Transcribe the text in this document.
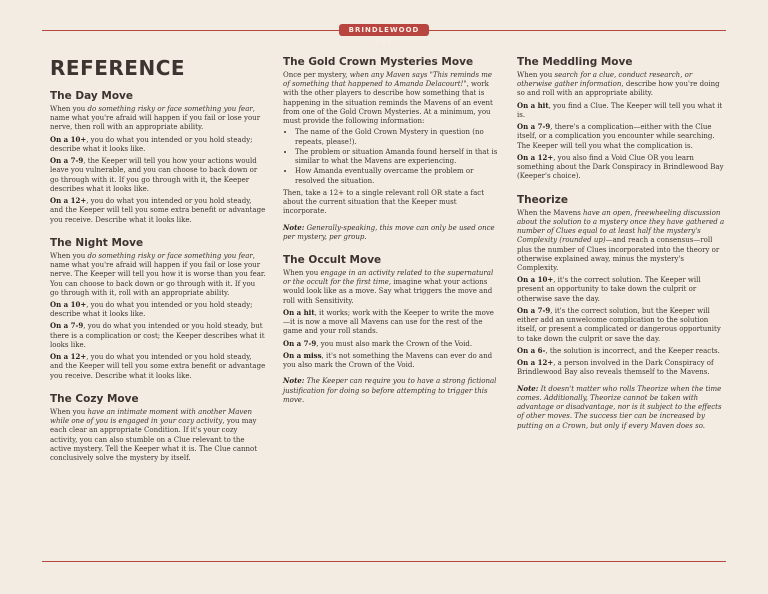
BRINDLEWOOD BAY
REFERENCE
The Day Move

When you do something risky or face something you fear, name what you're afraid will happen if you fail or lose your nerve, then roll with an appropriate ability.

On a 10+, you do what you intended or you hold steady; describe what it looks like.

On a 7-9, the Keeper will tell you how your actions would leave you vulnerable, and you can choose to back down or go through with it. If you go through with it, the Keeper describes what it looks like.

On a 12+, you do what you intended or you hold steady, and the Keeper will tell you some extra benefit or advantage you receive. Describe what it looks like.

The Night Move

When you do something risky or face something you fear, name what you're afraid will happen if you fail or lose your nerve. The Keeper will tell you how it is worse than you fear. You can choose to back down or go through with it. If you go through with it, roll with an appropriate ability.

On a 10+, you do what you intended or you hold steady; describe what it looks like.

On a 7-9, you do what you intended or you hold steady, but there is a complication or cost; the Keeper describes what it looks like.

On a 12+, you do what you intended or you hold steady, and the Keeper will tell you some extra benefit or advantage you receive. Describe what it looks like.

The Cozy Move

When you have an intimate moment with another Maven while one of you is engaged in your cozy activity, you may each clear an appropriate Condition. If it's your cozy activity, you can also stumble on a Clue relevant to the active mystery. Tell the Keeper what it is. The Clue cannot conclusively solve the mystery by itself.

The Gold Crown Mysteries Move

Once per mystery, when any Maven says "This reminds me of something that happened to Amanda Delacourt!", work with the other players to describe how something that is happening in the situation reminds the Mavens of an event from one of the Gold Crown Mysteries. At a minimum, you must provide the following information:

• The name of the Gold Crown Mystery in question (no repeats, please!).
• The problem or situation Amanda found herself in that is similar to what the Mavens are experiencing.
• How Amanda eventually overcame the problem or resolved the situation.

Then, take a 12+ to a single relevant roll OR state a fact about the current situation that the Keeper must incorporate.

Note: Generally-speaking, this move can only be used once per mystery, per group.

The Occult Move

When you engage in an activity related to the supernatural or the occult for the first time, imagine what your actions would look like as a move. Say what triggers the move and roll with Sensitivity.

On a hit, it works; work with the Keeper to write the move—it is now a move all Mavens can use for the rest of the game and your roll stands.

On a 7-9, you must also mark the Crown of the Void.

On a miss, it's not something the Mavens can ever do and you also mark the Crown of the Void.

Note: The Keeper can require you to have a strong fictional justification for doing so before attempting to trigger this move.

The Meddling Move

When you search for a clue, conduct research, or otherwise gather information, describe how you're doing so and roll with an appropriate ability.

On a hit, you find a Clue. The Keeper will tell you what it is.

On a 7-9, there's a complication—either with the Clue itself, or a complication you encounter while searching. The Keeper will tell you what the complication is.

On a 12+, you also find a Void Clue OR you learn something about the Dark Conspiracy in Brindlewood Bay (Keeper's choice).

Theorize

When the Mavens have an open, freewheeling discussion about the solution to a mystery once they have gathered a number of Clues equal to at least half the mystery's Complexity (rounded up)—and reach a consensus—roll plus the number of Clues incorporated into the theory or otherwise explained away, minus the mystery's Complexity.

On a 10+, it's the correct solution. The Keeper will present an opportunity to take down the culprit or otherwise save the day.

On a 7-9, it's the correct solution, but the Keeper will either add an unwelcome complication to the solution itself, or present a complicated or dangerous opportunity to take down the culprit or save the day.

On a 6-, the solution is incorrect, and the Keeper reacts.

On a 12+, a person involved in the Dark Conspiracy of Brindlewood Bay also reveals themself to the Mavens.

Note: It doesn't matter who rolls Theorize when the time comes. Additionally, Theorize cannot be taken with advantage or disadvantage, nor is it subject to the effects of other moves. The success tier can be increased by putting on a Crown, but only if every Maven does so.
